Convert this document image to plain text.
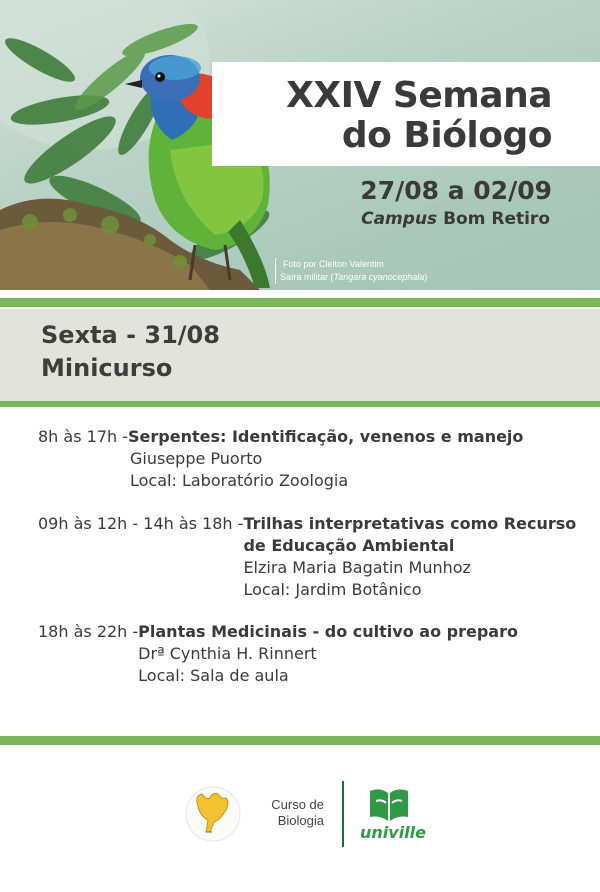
XXIV Semana
do Biólogo
27/08 a 02/09
Campus Bom Retiro
Foto por Cleiton Valentim
Saíra militar (Tangara cyanocephala)
Sexta - 31/08
Minicurso
8h às 17h - Serpentes: Identificação, venenos e manejo
Giuseppe Puorto
Local: Laboratório Zoologia
09h às 12h - 14h às 18h - Trilhas interpretativas como Recurso
de Educação Ambiental
Elzira Maria Bagatin Munhoz
Local: Jardim Botânico
18h às 22h - Plantas Medicinais - do cultivo ao preparo
Drª Cynthia H. Rinnert
Local: Sala de aula
Curso de
Biologia
univille
